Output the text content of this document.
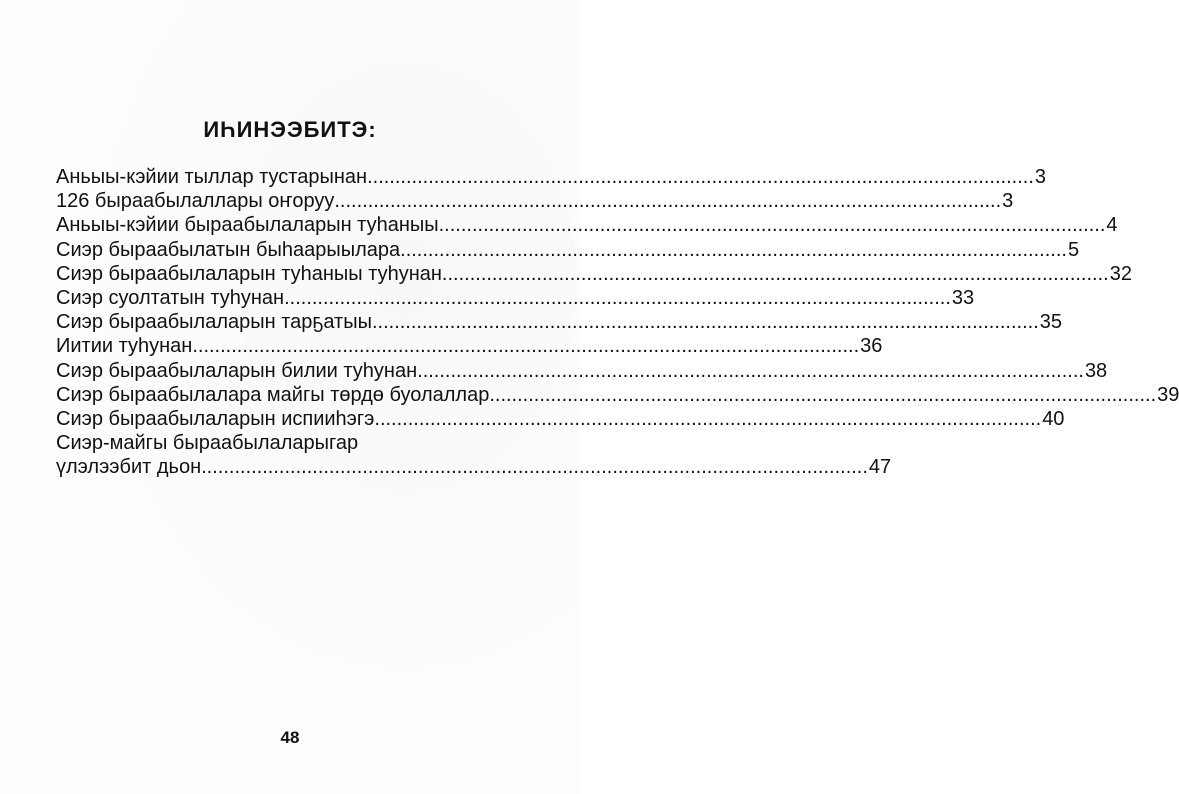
ИҺИНЭЭБИТЭ:
Аньыы-кэйии тыллар тустарынан ........................................................................................................................ 3
126 быраабылаллары оҥоруу ........................................................................................................................ 3
Аньыы-кэйии быраабылаларын туһаныы ........................................................................................................................ 4
Сиэр быраабылатын быһаарыылара ........................................................................................................................ 5
Сиэр быраабылаларын туһаныы туһунан ........................................................................................................................ 32
Сиэр суолтатын туһунан ........................................................................................................................ 33
Сиэр быраабылаларын тарҕатыы ........................................................................................................................ 35
Иитии туһунан ........................................................................................................................ 36
Сиэр быраабылаларын билии туһунан ........................................................................................................................ 38
Сиэр быраабылалара майгы төрдө буолаллар ........................................................................................................................ 39
Сиэр быраабылаларын испииһэгэ ........................................................................................................................ 40
Сиэр-майгы быраабылаларыгар
үлэлээбит дьон ........................................................................................................................ 47
48
